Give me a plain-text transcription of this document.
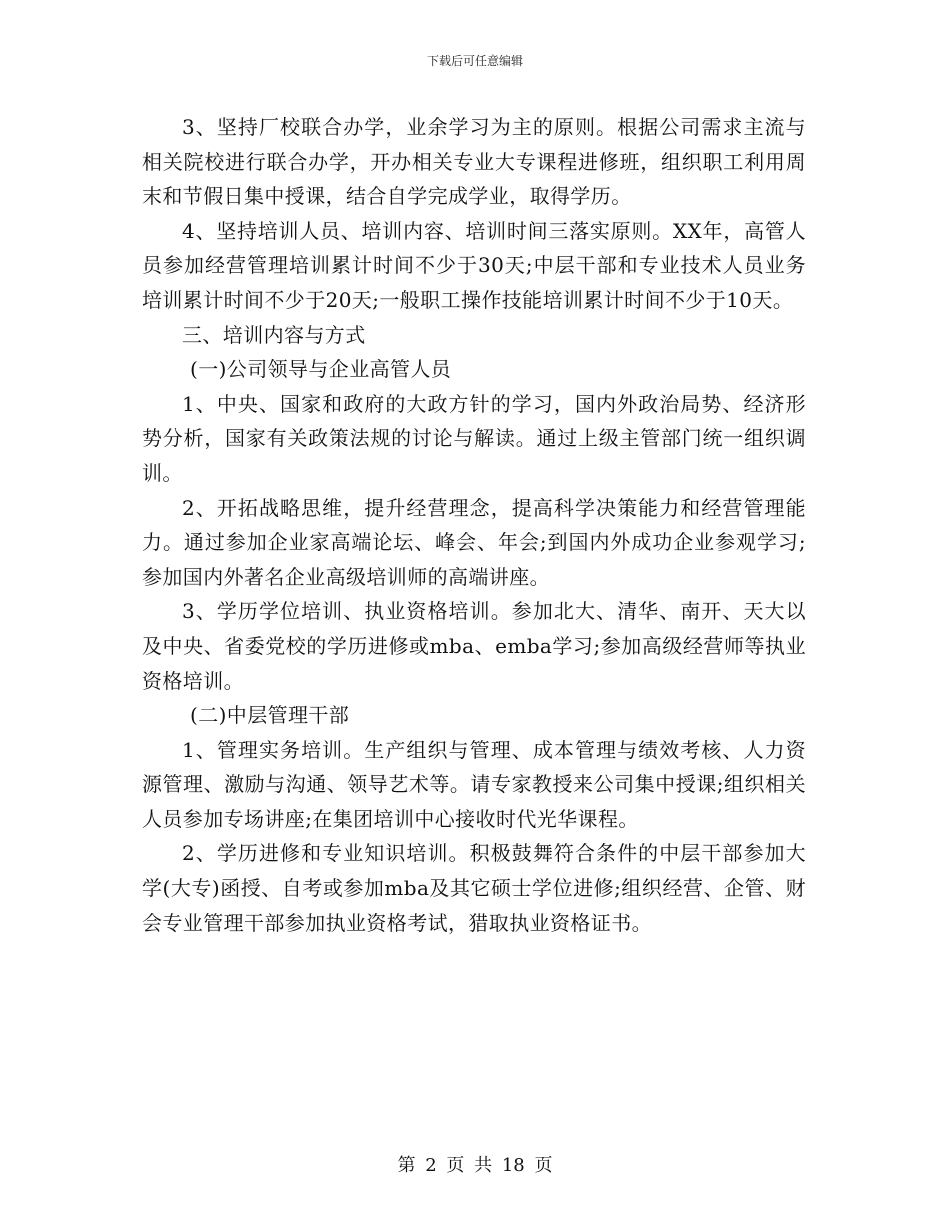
下载后可任意编辑

3、坚持厂校联合办学，业余学习为主的原则。根据公司需求主流与相关院校进行联合办学，开办相关专业大专课程进修班，组织职工利用周末和节假日集中授课，结合自学完成学业，取得学历。

4、坚持培训人员、培训内容、培训时间三落实原则。XX年，高管人员参加经营管理培训累计时间不少于30天;中层干部和专业技术人员业务培训累计时间不少于20天;一般职工操作技能培训累计时间不少于10天。

三、培训内容与方式

(一)公司领导与企业高管人员

1、中央、国家和政府的大政方针的学习，国内外政治局势、经济形势分析，国家有关政策法规的讨论与解读。通过上级主管部门统一组织调训。

2、开拓战略思维，提升经营理念，提高科学决策能力和经营管理能力。通过参加企业家高端论坛、峰会、年会;到国内外成功企业参观学习;参加国内外著名企业高级培训师的高端讲座。

3、学历学位培训、执业资格培训。参加北大、清华、南开、天大以及中央、省委党校的学历进修或mba、emba学习;参加高级经营师等执业资格培训。

(二)中层管理干部

1、管理实务培训。生产组织与管理、成本管理与绩效考核、人力资源管理、激励与沟通、领导艺术等。请专家教授来公司集中授课;组织相关人员参加专场讲座;在集团培训中心接收时代光华课程。

2、学历进修和专业知识培训。积极鼓舞符合条件的中层干部参加大学(大专)函授、自考或参加mba及其它硕士学位进修;组织经营、企管、财会专业管理干部参加执业资格考试，猎取执业资格证书。

第 2 页 共 18 页
